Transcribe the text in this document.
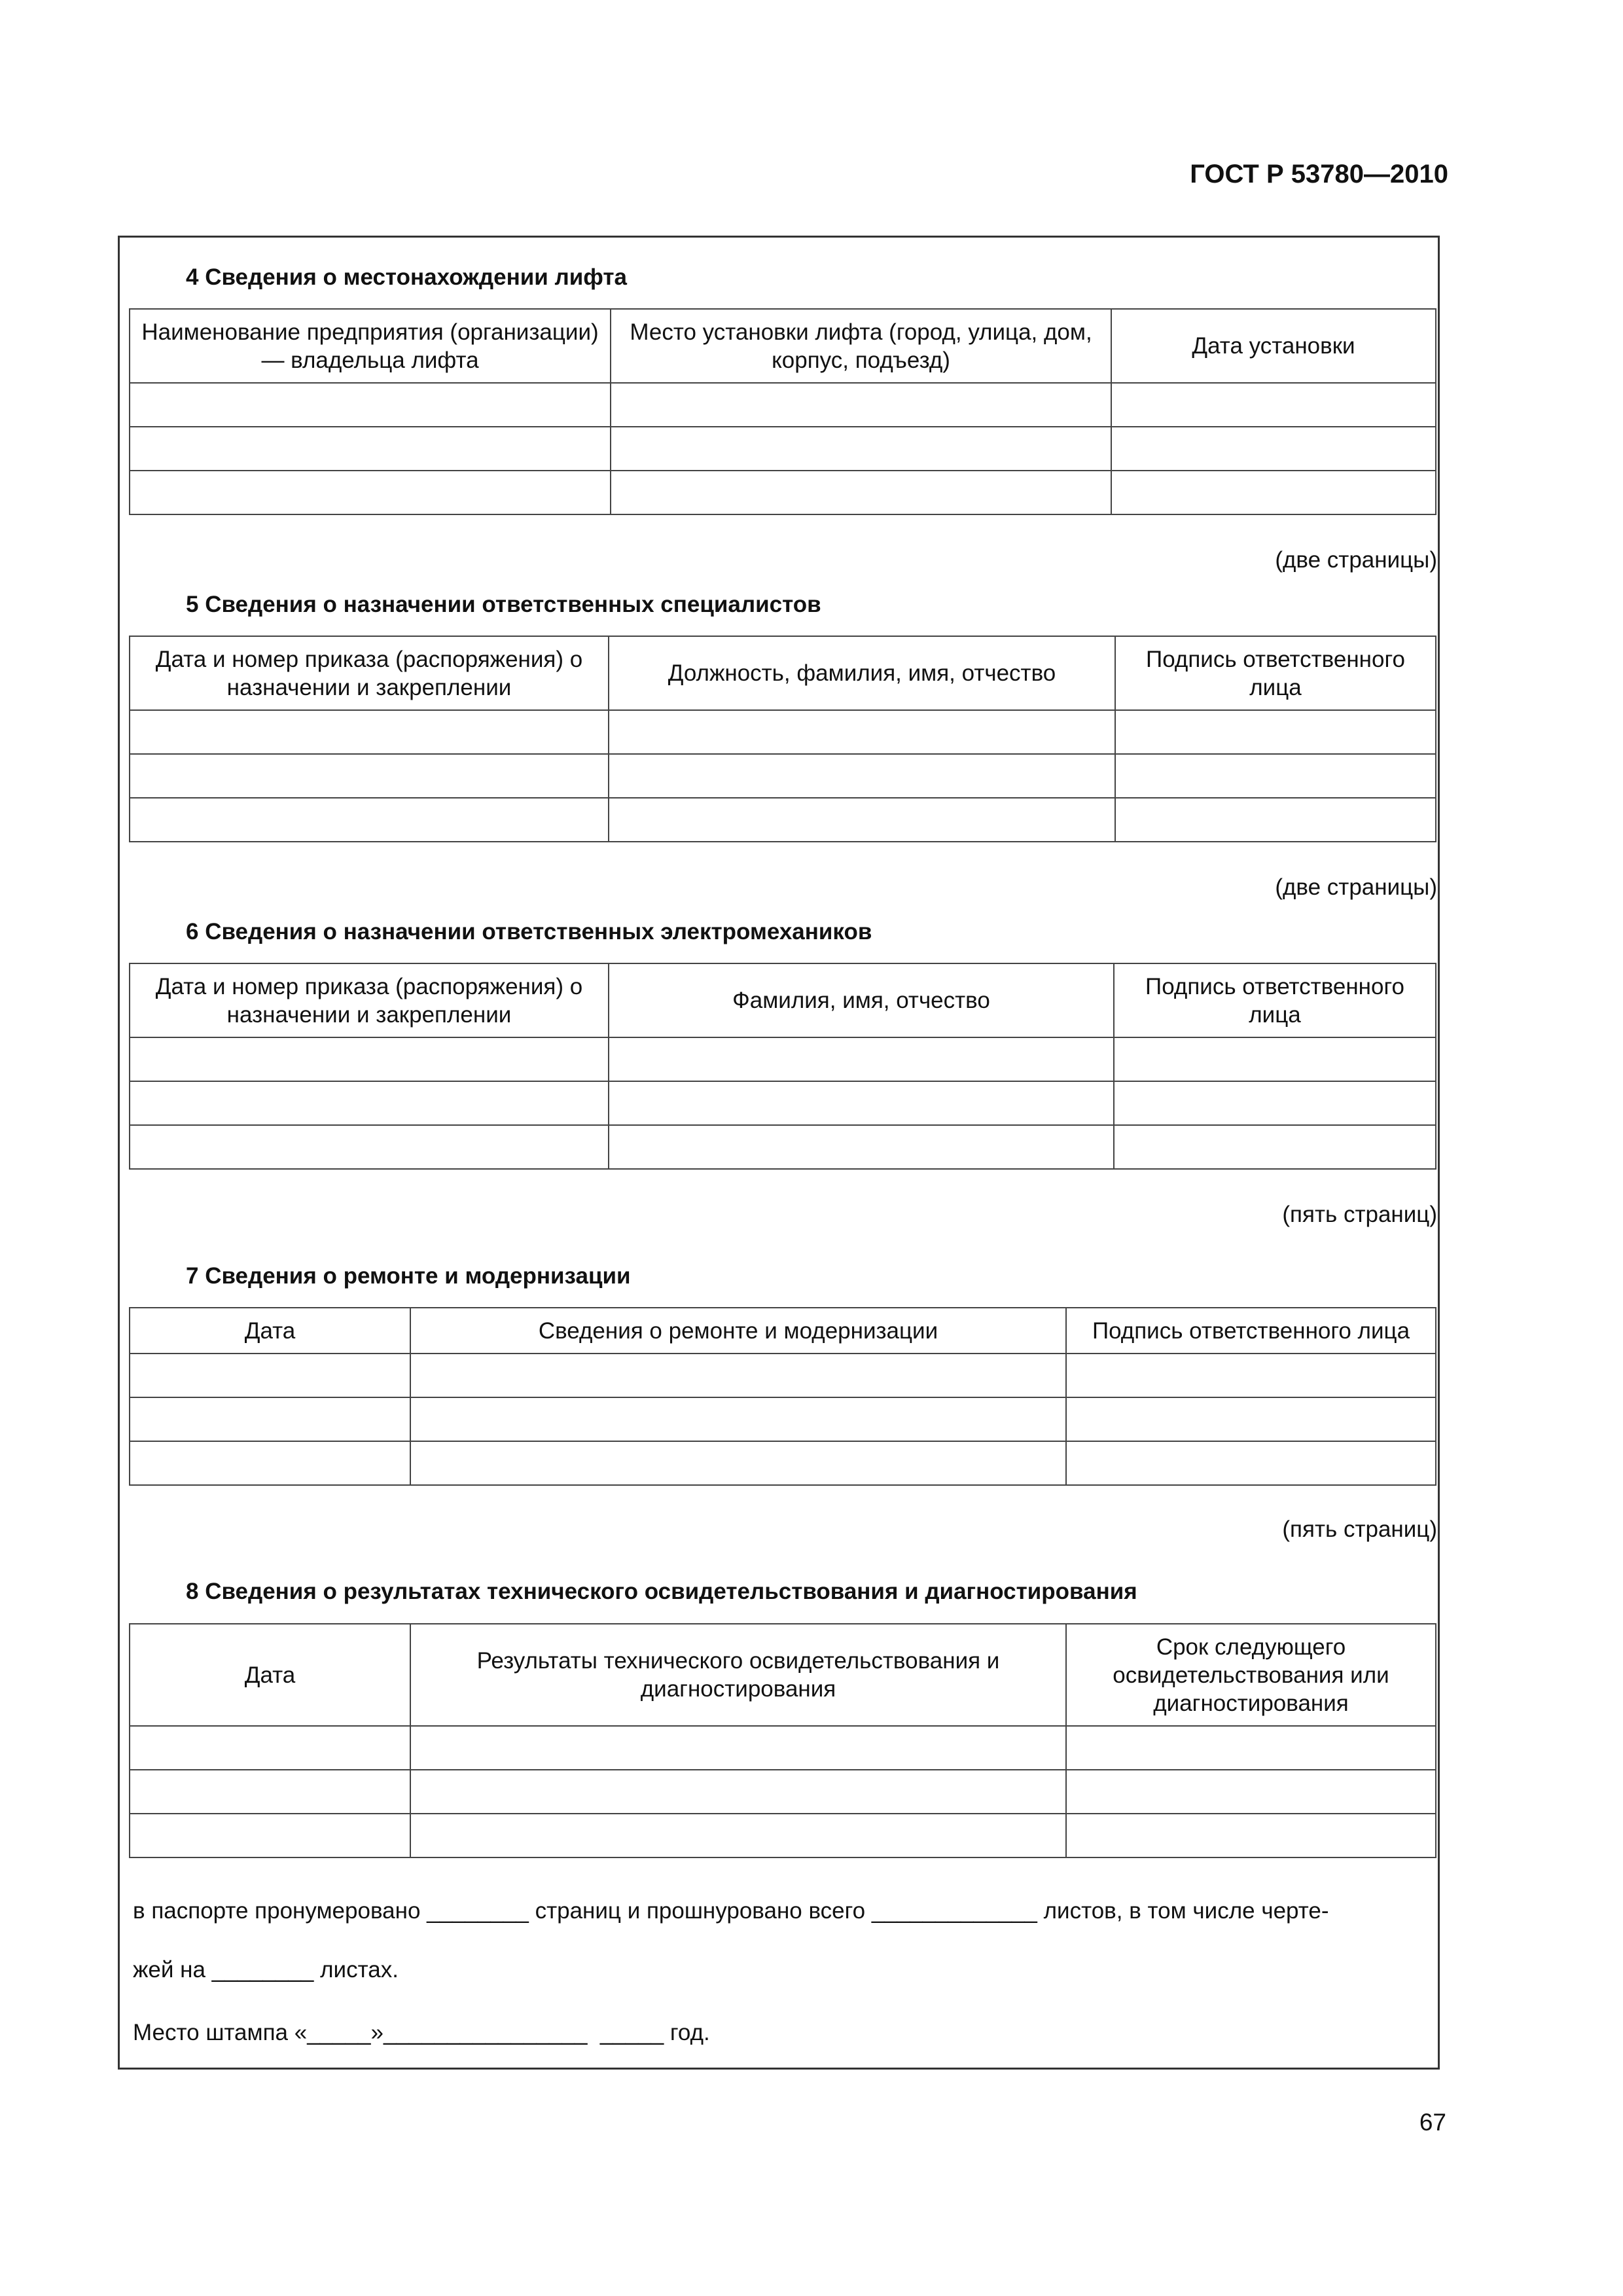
ГОСТ Р 53780—2010
4 Сведения о местонахождении лифта
Наименование предприятия (организации) — владельца лифта	Место установки лифта (город, улица, дом, корпус, подъезд)	Дата установки

(две страницы)
5 Сведения о назначении ответственных специалистов
Дата и номер приказа (распоряжения) о назначении и закреплении	Должность, фамилия, имя, отчество	Подпись ответственного лица

(две страницы)
6 Сведения о назначении ответственных электромехаников
Дата и номер приказа (распоряжения) о назначении и закреплении	Фамилия, имя, отчество	Подпись ответственного лица

(пять страниц)
7 Сведения о ремонте и модернизации
Дата	Сведения о ремонте и модернизации	Подпись ответственного лица

(пять страниц)
8 Сведения о результатах технического освидетельствования и диагностирования
Дата	Результаты технического освидетельствования и диагностирования	Срок следующего освидетельствования или диагностирования

в паспорте пронумеровано ________ страниц и прошнуровано всего _____________ листов, в том числе черте-
жей на ________ листах.
Место штампа «_____»________________  _____ год.
67
